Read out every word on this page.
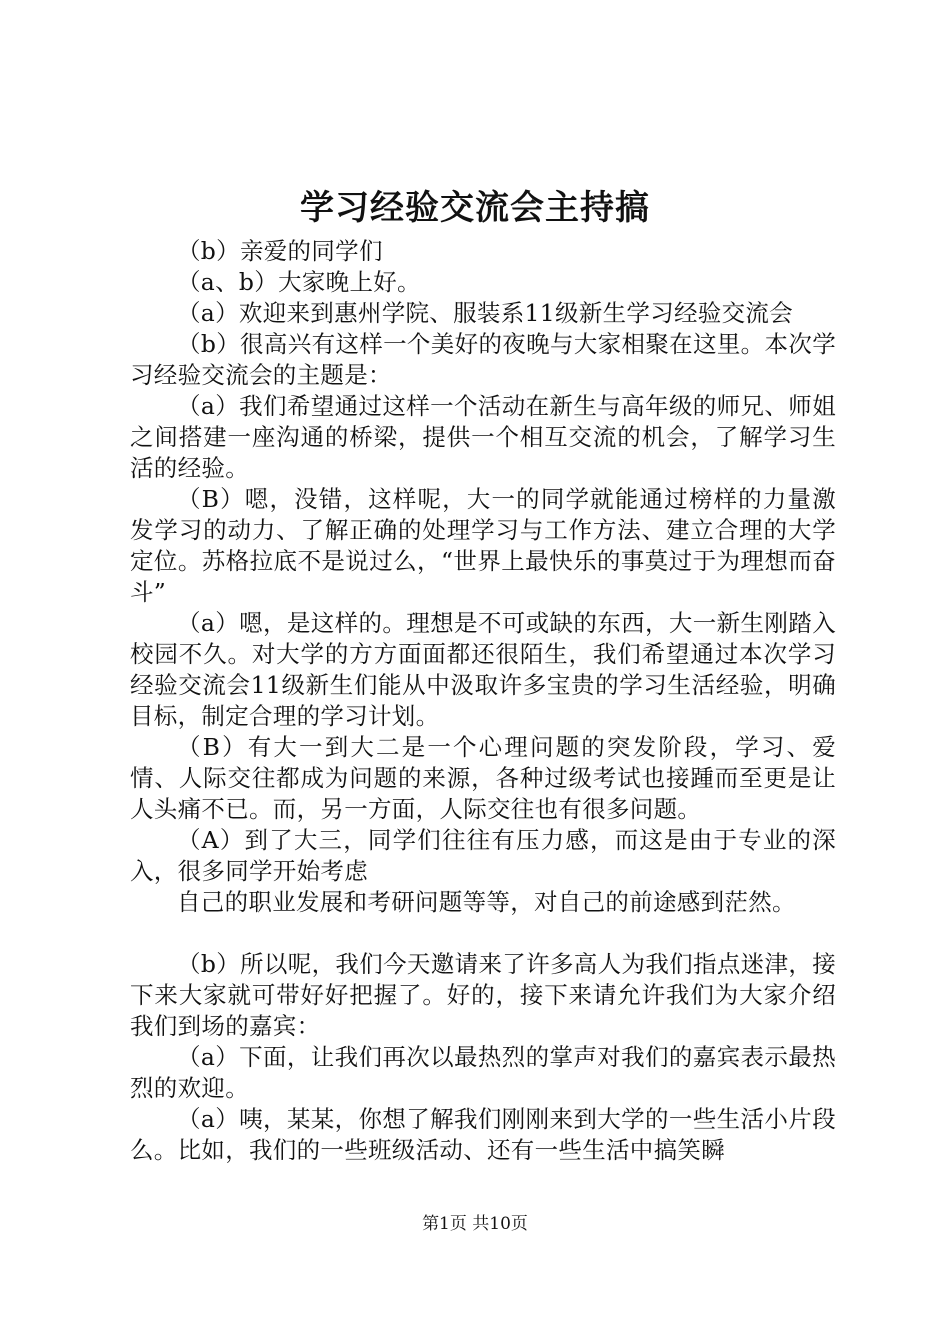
学习经验交流会主持搞

（b）亲爱的同学们

（a、b）大家晚上好。

（a）欢迎来到惠州学院、服装系11级新生学习经验交流会

（b）很高兴有这样一个美好的夜晚与大家相聚在这里。本次学习经验交流会的主题是：

（a）我们希望通过这样一个活动在新生与高年级的师兄、师姐之间搭建一座沟通的桥梁，提供一个相互交流的机会，了解学习生活的经验。

（B）嗯，没错，这样呢，大一的同学就能通过榜样的力量激发学习的动力、了解正确的处理学习与工作方法、建立合理的大学定位。苏格拉底不是说过么，“世界上最快乐的事莫过于为理想而奋斗”

（a）嗯，是这样的。理想是不可或缺的东西，大一新生刚踏入校园不久。对大学的方方面面都还很陌生，我们希望通过本次学习经验交流会11级新生们能从中汲取许多宝贵的学习生活经验，明确目标，制定合理的学习计划。

（B）有大一到大二是一个心理问题的突发阶段，学习、爱情、人际交往都成为问题的来源，各种过级考试也接踵而至更是让人头痛不已。而，另一方面，人际交往也有很多问题。

（A）到了大三，同学们往往有压力感，而这是由于专业的深入，很多同学开始考虑

自己的职业发展和考研问题等等，对自己的前途感到茫然。

（b）所以呢，我们今天邀请来了许多高人为我们指点迷津，接下来大家就可带好好把握了。好的，接下来请允许我们为大家介绍我们到场的嘉宾：

（a）下面，让我们再次以最热烈的掌声对我们的嘉宾表示最热烈的欢迎。

（a）咦，某某，你想了解我们刚刚来到大学的一些生活小片段么。比如，我们的一些班级活动、还有一些生活中搞笑瞬

第1页 共10页
